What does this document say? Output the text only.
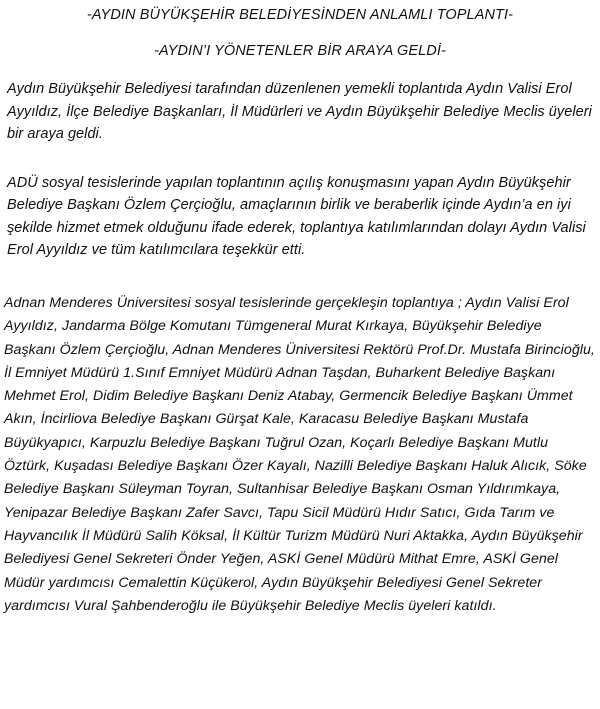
-AYDIN BÜYÜKŞEHİR BELEDİYESİNDEN ANLAMLI TOPLANTI-
-AYDIN’I YÖNETENLER BİR ARAYA GELDİ-

Aydın Büyükşehir Belediyesi tarafından düzenlenen yemekli toplantıda Aydın Valisi Erol Ayyıldız, İlçe Belediye Başkanları, İl Müdürleri ve Aydın Büyükşehir Belediye Meclis üyeleri bir araya geldi.

ADÜ sosyal tesislerinde yapılan toplantının açılış konuşmasını yapan Aydın Büyükşehir Belediye Başkanı Özlem Çerçioğlu, amaçlarının birlik ve beraberlik içinde Aydın’a en iyi şekilde hizmet etmek olduğunu ifade ederek, toplantıya katılımlarından dolayı Aydın Valisi Erol Ayyıldız ve tüm katılımcılara teşekkür etti.

Adnan Menderes Üniversitesi sosyal tesislerinde gerçekleşin toplantıya ; Aydın Valisi Erol Ayyıldız, Jandarma Bölge Komutanı Tümgeneral Murat Kırkaya, Büyükşehir Belediye Başkanı Özlem Çerçioğlu, Adnan Menderes Üniversitesi Rektörü Prof.Dr. Mustafa Birincioğlu, İl Emniyet Müdürü 1.Sınıf Emniyet Müdürü Adnan Taşdan, Buharkent Belediye Başkanı Mehmet Erol, Didim Belediye Başkanı Deniz Atabay, Germencik Belediye Başkanı Ümmet Akın, İncirliova Belediye Başkanı Gürşat Kale, Karacasu Belediye Başkanı Mustafa Büyükyapıcı, Karpuzlu Belediye Başkanı Tuğrul Ozan, Koçarlı Belediye Başkanı Mutlu Öztürk, Kuşadası Belediye Başkanı Özer Kayalı, Nazilli Belediye Başkanı Haluk Alıcık, Söke Belediye Başkanı Süleyman Toyran, Sultanhisar Belediye Başkanı Osman Yıldırımkaya, Yenipazar Belediye Başkanı Zafer Savcı, Tapu Sicil Müdürü Hıdır Satıcı, Gıda Tarım ve Hayvancılık İl Müdürü Salih Köksal, İl Kültür Turizm Müdürü Nuri Aktakka, Aydın Büyükşehir Belediyesi Genel Sekreteri Önder Yeğen, ASKİ Genel Müdürü Mithat Emre, ASKİ Genel Müdür yardımcısı Cemalettin Küçükerol, Aydın Büyükşehir Belediyesi Genel Sekreter yardımcısı Vural Şahbenderoğlu ile Büyükşehir Belediye Meclis üyeleri katıldı.
